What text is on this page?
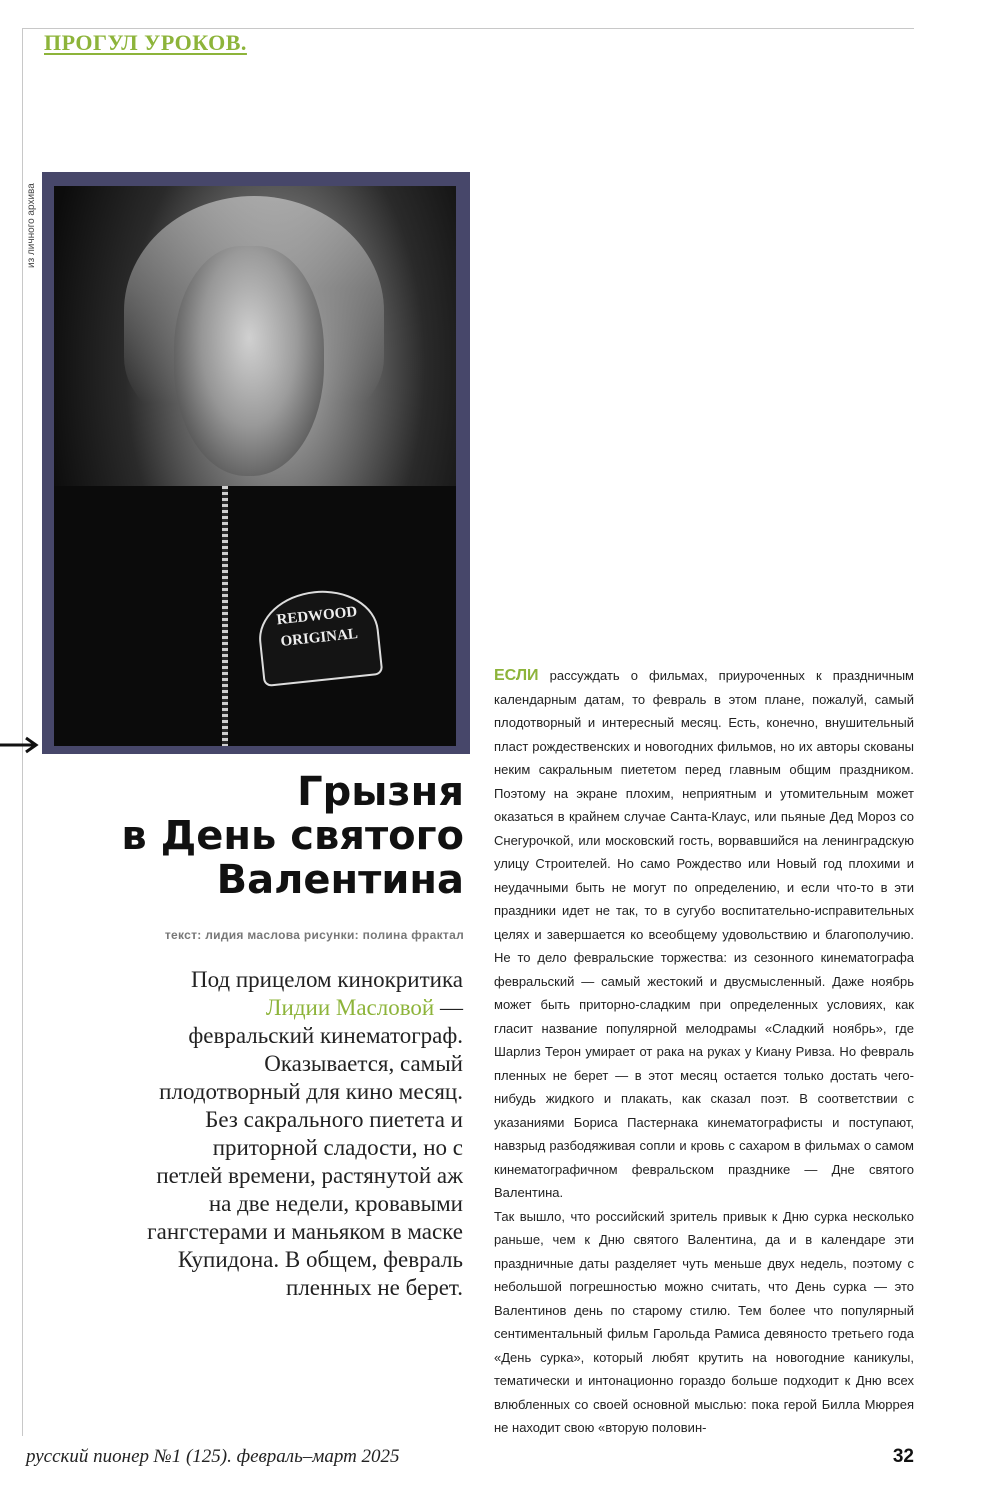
ПРОГУЛ УРОКОВ.
из личного архива
REDWOOD
ORIGINAL
Грызня
в День святого
Валентина
текст: лидия маслова рисунки: полина фрактал
Под прицелом кинокритика Лидии Масловой — февральский кинематограф. Оказывается, самый плодотворный для кино месяц. Без сакрального пиетета и приторной сладости, но с петлей времени, растянутой аж на две недели, кровавыми гангстерами и маньяком в маске Купидона. В общем, февраль пленных не берет.

ЕСЛИ рассуждать о фильмах, приуроченных к праздничным календарным датам, то февраль в этом плане, пожалуй, самый плодотворный и интересный месяц. Есть, конечно, внушительный пласт рождественских и новогодних фильмов, но их авторы скованы неким сакральным пиететом перед главным общим праздником. Поэтому на экране плохим, неприятным и утомительным может оказаться в крайнем случае Санта-Клаус, или пьяные Дед Мороз со Снегурочкой, или московский гость, ворвавшийся на ленинградскую улицу Строителей. Но само Рождество или Новый год плохими и неудачными быть не могут по определению, и если что-то в эти праздники идет не так, то в сугубо воспитательно-исправительных целях и завершается ко всеобщему удовольствию и благополучию. Не то дело февральские торжества: из сезонного кинематографа февральский — самый жестокий и двусмысленный. Даже ноябрь может быть приторно-сладким при определенных условиях, как гласит название популярной мелодрамы «Сладкий ноябрь», где Шарлиз Терон умирает от рака на руках у Киану Ривза. Но февраль пленных не берет — в этот месяц остается только достать чего-нибудь жидкого и плакать, как сказал поэт. В соответствии с указаниями Бориса Пастернака кинематографисты и поступают, навзрыд разбодяживая сопли и кровь с сахаром в фильмах о самом кинематографичном февральском празднике — Дне святого Валентина.

Так вышло, что российский зритель привык к Дню сурка несколько раньше, чем к Дню святого Валентина, да и в календаре эти праздничные даты разделяет чуть меньше двух недель, поэтому с небольшой погрешностью можно считать, что День сурка — это Валентинов день по старому стилю. Тем более что популярный сентиментальный фильм Гарольда Рамиса девяносто третьего года «День сурка», который любят крутить на новогодние каникулы, тематически и интонационно гораздо больше подходит к Дню всех влюбленных со своей основной мыслью: пока герой Билла Мюррея не находит свою «вторую половин-

русский пионер №1 (125). февраль–март 2025	32
